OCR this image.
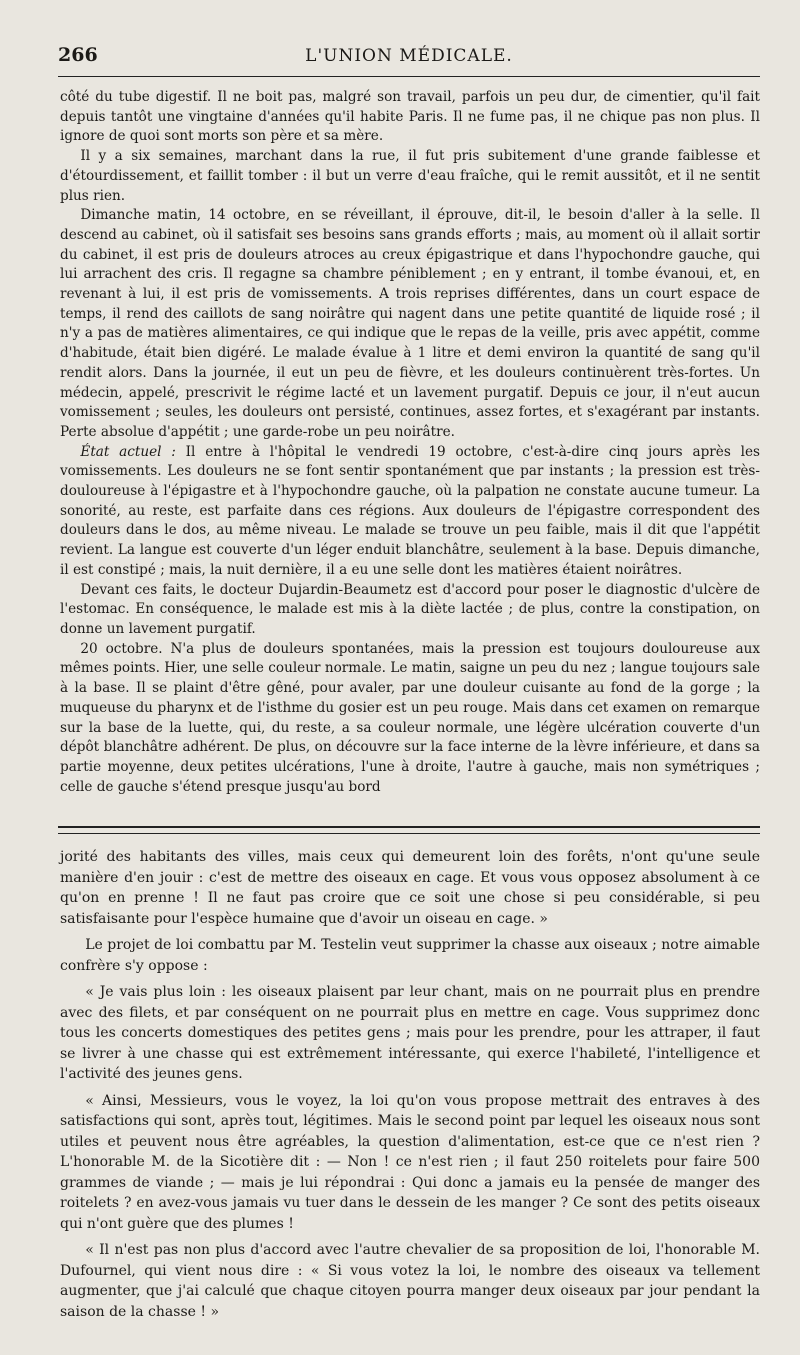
266	L'UNION MÉDICALE.

côté du tube digestif. Il ne boit pas, malgré son travail, parfois un peu dur, de cimentier, qu'il fait depuis tantôt une vingtaine d'années qu'il habite Paris. Il ne fume pas, il ne chique pas non plus. Il ignore de quoi sont morts son père et sa mère.

Il y a six semaines, marchant dans la rue, il fut pris subitement d'une grande faiblesse et d'étourdissement, et faillit tomber : il but un verre d'eau fraîche, qui le remit aussitôt, et il ne sentit plus rien.

Dimanche matin, 14 octobre, en se réveillant, il éprouve, dit-il, le besoin d'aller à la selle. Il descend au cabinet, où il satisfait ses besoins sans grands efforts ; mais, au moment où il allait sortir du cabinet, il est pris de douleurs atroces au creux épigastrique et dans l'hypochondre gauche, qui lui arrachent des cris. Il regagne sa chambre péniblement ; en y entrant, il tombe évanoui, et, en revenant à lui, il est pris de vomissements. A trois reprises différentes, dans un court espace de temps, il rend des caillots de sang noirâtre qui nagent dans une petite quantité de liquide rosé ; il n'y a pas de matières alimentaires, ce qui indique que le repas de la veille, pris avec appétit, comme d'habitude, était bien digéré. Le malade évalue à 1 litre et demi environ la quantité de sang qu'il rendit alors. Dans la journée, il eut un peu de fièvre, et les douleurs continuèrent très-fortes. Un médecin, appelé, prescrivit le régime lacté et un lavement purgatif. Depuis ce jour, il n'eut aucun vomissement ; seules, les douleurs ont persisté, continues, assez fortes, et s'exagérant par instants. Perte absolue d'appétit ; une garde-robe un peu noirâtre.

État actuel : Il entre à l'hôpital le vendredi 19 octobre, c'est-à-dire cinq jours après les vomissements. Les douleurs ne se font sentir spontanément que par instants ; la pression est très-douloureuse à l'épigastre et à l'hypochondre gauche, où la palpation ne constate aucune tumeur. La sonorité, au reste, est parfaite dans ces régions. Aux douleurs de l'épigastre correspondent des douleurs dans le dos, au même niveau. Le malade se trouve un peu faible, mais il dit que l'appétit revient. La langue est couverte d'un léger enduit blanchâtre, seulement à la base. Depuis dimanche, il est constipé ; mais, la nuit dernière, il a eu une selle dont les matières étaient noirâtres.

Devant ces faits, le docteur Dujardin-Beaumetz est d'accord pour poser le diagnostic d'ulcère de l'estomac. En conséquence, le malade est mis à la diète lactée ; de plus, contre la constipation, on donne un lavement purgatif.

20 octobre. N'a plus de douleurs spontanées, mais la pression est toujours douloureuse aux mêmes points. Hier, une selle couleur normale. Le matin, saigne un peu du nez ; langue toujours sale à la base. Il se plaint d'être gêné, pour avaler, par une douleur cuisante au fond de la gorge ; la muqueuse du pharynx et de l'isthme du gosier est un peu rouge. Mais dans cet examen on remarque sur la base de la luette, qui, du reste, a sa couleur normale, une légère ulcération couverte d'un dépôt blanchâtre adhérent. De plus, on découvre sur la face interne de la lèvre inférieure, et dans sa partie moyenne, deux petites ulcérations, l'une à droite, l'autre à gauche, mais non symétriques ; celle de gauche s'étend presque jusqu'au bord

jorité des habitants des villes, mais ceux qui demeurent loin des forêts, n'ont qu'une seule manière d'en jouir : c'est de mettre des oiseaux en cage. Et vous vous opposez absolument à ce qu'on en prenne ! Il ne faut pas croire que ce soit une chose si peu considérable, si peu satisfaisante pour l'espèce humaine que d'avoir un oiseau en cage. »

Le projet de loi combattu par M. Testelin veut supprimer la chasse aux oiseaux ; notre aimable confrère s'y oppose :

« Je vais plus loin : les oiseaux plaisent par leur chant, mais on ne pourrait plus en prendre avec des filets, et par conséquent on ne pourrait plus en mettre en cage. Vous supprimez donc tous les concerts domestiques des petites gens ; mais pour les prendre, pour les attraper, il faut se livrer à une chasse qui est extrêmement intéressante, qui exerce l'habileté, l'intelligence et l'activité des jeunes gens.

« Ainsi, Messieurs, vous le voyez, la loi qu'on vous propose mettrait des entraves à des satisfactions qui sont, après tout, légitimes. Mais le second point par lequel les oiseaux nous sont utiles et peuvent nous être agréables, la question d'alimentation, est-ce que ce n'est rien ? L'honorable M. de la Sicotière dit : — Non ! ce n'est rien ; il faut 250 roitelets pour faire 500 grammes de viande ; — mais je lui répondrai : Qui donc a jamais eu la pensée de manger des roitelets ? en avez-vous jamais vu tuer dans le dessein de les manger ? Ce sont des petits oiseaux qui n'ont guère que des plumes !

« Il n'est pas non plus d'accord avec l'autre chevalier de sa proposition de loi, l'honorable M. Dufournel, qui vient nous dire : « Si vous votez la loi, le nombre des oiseaux va tellement augmenter, que j'ai calculé que chaque citoyen pourra manger deux oiseaux par jour pendant la saison de la chasse ! »
